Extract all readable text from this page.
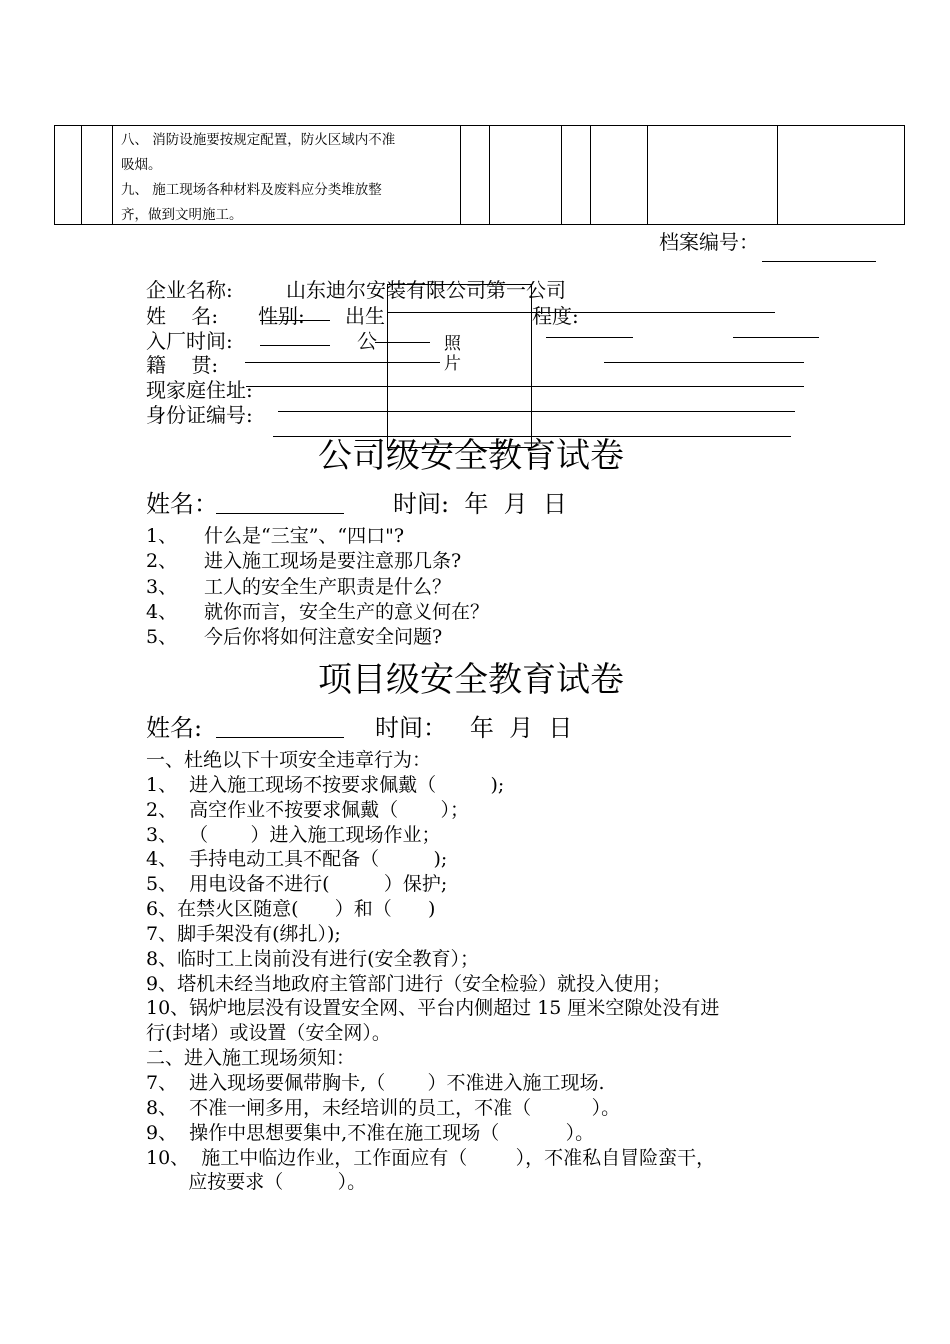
八、 消防设施要按规定配置，防火区域内不准
吸烟。
九、 施工现场各种材料及废料应分类堆放整
齐，做到文明施工。
档案编号：
企业名称:	山东迪尔安装有限公司第一公司
姓    名: 性别: 出生	程度:
入厂时间:	公
籍    贯:
现家庭住址:
身份证编号:
公司级安全教育试卷
照
片
姓名：	时间:  年  月  日
1、 什么是“三宝”、“四口"?
2、 进入施工现场是要注意那几条?
3、 工人的安全生产职责是什么？
4、 就你而言，安全生产的意义何在？
5、 今后你将如何注意安全问题?
项目级安全教育试卷
姓名:	时间：   年  月  日
一、杜绝以下十项安全违章行为：
1、  进入施工现场不按要求佩戴（         );
2、  高空作业不按要求佩戴（       ）；
3、  （       ）进入施工现场作业；
4、  手持电动工具不配备（         );
5、  用电设备不进行(         ）保护;
6、在禁火区随意(      ）和（      )
7、脚手架没有(绑扎）);
8、临时工上岗前没有进行(安全教育）；
9、塔机未经当地政府主管部门进行（安全检验）就投入使用；
10、锅炉地层没有设置安全网、平台内侧超过 15 厘米空隙处没有进
行(封堵）或设置（安全网）。
二、进入施工现场须知：
7、  进入现场要佩带胸卡,（       ）不准进入施工现场.
8、  不准一闸多用，未经培训的员工，不准（          ）。
9、  操作中思想要集中,不准在施工现场（           ）。
10、  施工中临边作业，工作面应有（        ），不准私自冒险蛮干，
应按要求（         ）。
